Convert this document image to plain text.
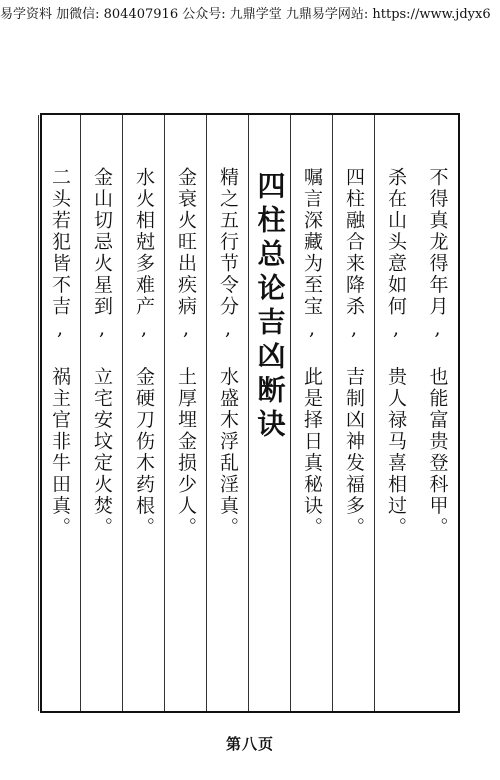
易学资料 加微信: 804407916 公众号: 九鼎学堂 九鼎易学网站: https://www.jdyx6
不得真龙得年月, 也能富贵登科甲。
杀在山头意如何, 贵人禄马喜相过。
四柱融合来降杀, 吉制凶神发福多。
嘱言深藏为至宝, 此是择日真秘诀。
四柱总论吉凶断诀
精之五行节令分, 水盛木浮乱淫真。
金衰火旺出疾病, 土厚埋金损少人。
水火相尅多难产, 金硬刀伤木药根。
金山切忌火星到, 立宅安坟定火焚。
二头若犯皆不吉, 祸主官非牛田真。
第八页
